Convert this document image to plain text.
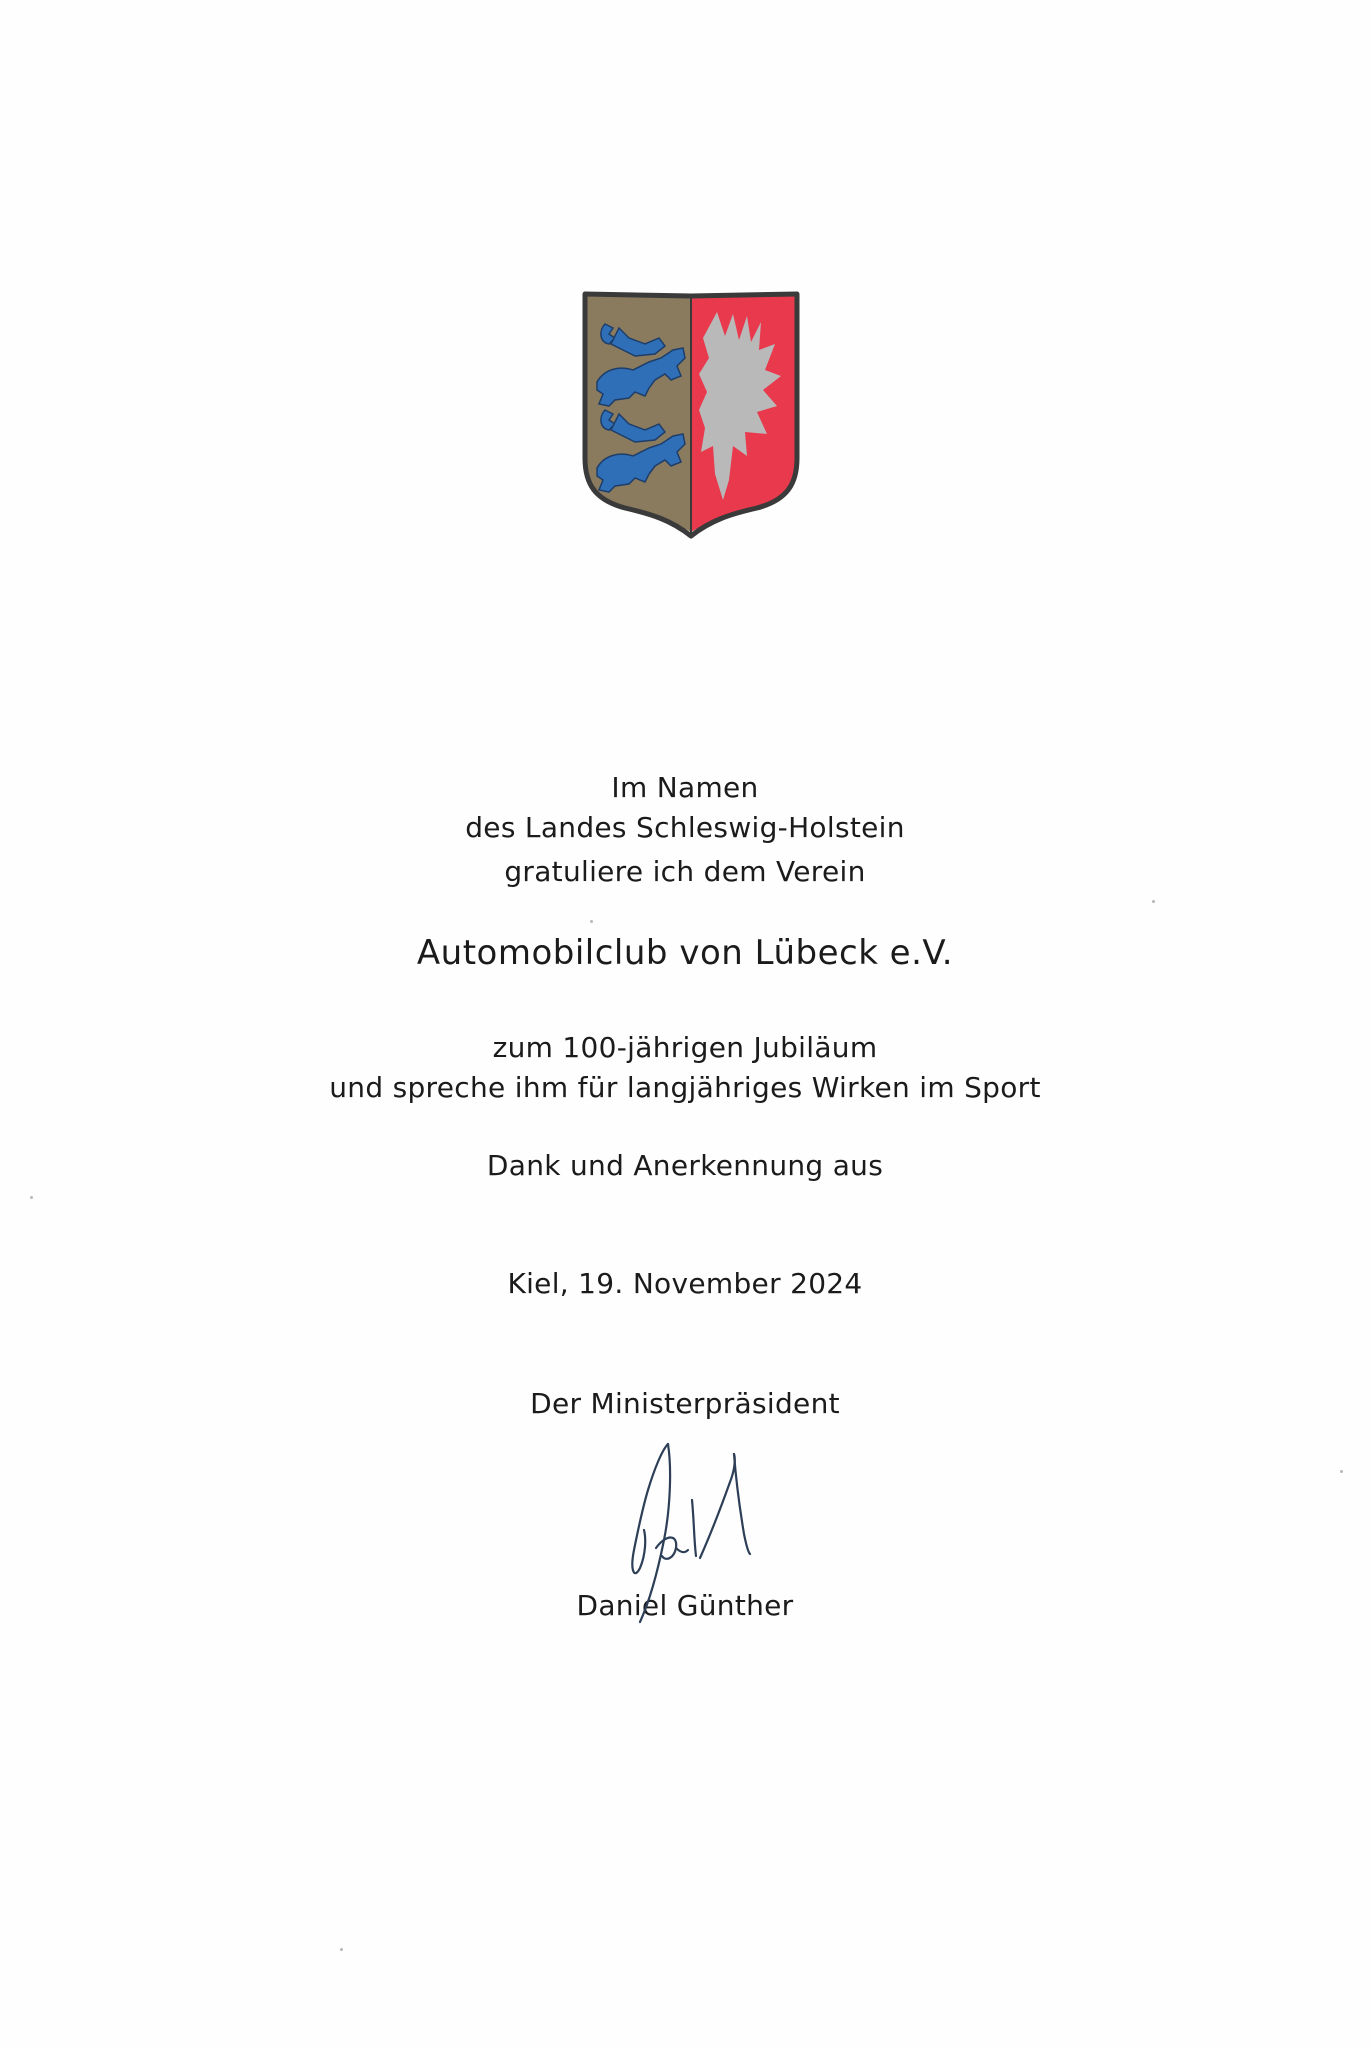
Im Namen
des Landes Schleswig-Holstein
gratuliere ich dem Verein
Automobilclub von Lübeck e.V.
zum 100-jährigen Jubiläum
und spreche ihm für langjähriges Wirken im Sport
Dank und Anerkennung aus
Kiel, 19. November 2024
Der Ministerpräsident
Daniel Günther
